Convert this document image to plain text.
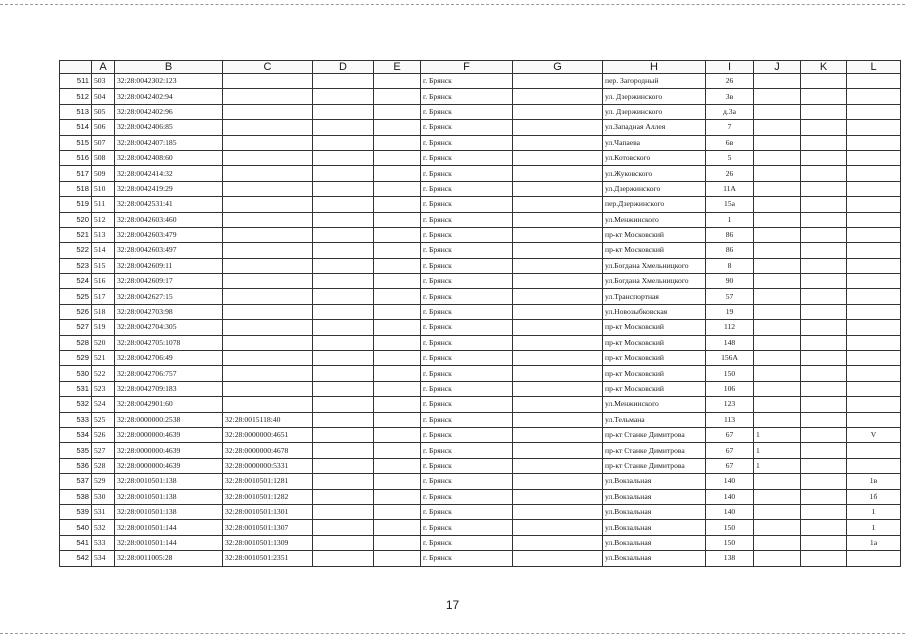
	A	B	C	D	E	F	G	H	I	J	K	L
511	503	32:28:0042302:123				г. Брянск		пер. Загородный	26			
512	504	32:28:0042402:94				г. Брянск		ул. Дзержинского	3в			
513	505	32:28:0042402:96				г. Брянск		ул. Дзержинского	д.3а			
514	506	32:28:0042406:85				г. Брянск		ул.Западная Аллея	7			
515	507	32:28:0042407:185				г. Брянск		ул.Чапаева	6в			
516	508	32:28:0042408:60				г. Брянск		ул.Котовского	5			
517	509	32:28:0042414:32				г. Брянск		ул.Жуковского	26			
518	510	32:28:0042419:29				г. Брянск		ул.Дзержинского	11А			
519	511	32:28:0042531:41				г. Брянск		пер.Дзержинского	15а			
520	512	32:28:0042603:460				г. Брянск		ул.Менжинского	1			
521	513	32:28:0042603:479				г. Брянск		пр-кт Московский	86			
522	514	32:28:0042603:497				г. Брянск		пр-кт Московский	86			
523	515	32:28:0042609:11				г. Брянск		ул.Богдана Хмельницкого	8			
524	516	32:28:0042609:17				г. Брянск		ул.Богдана Хмельницкого	90			
525	517	32:28:0042627:15				г. Брянск		ул.Транспортная	57			
526	518	32:28:0042703:98				г. Брянск		ул.Новозыбковская	19			
527	519	32:28:0042704:305				г. Брянск		пр-кт Московский	112			
528	520	32:28:0042705:1078				г. Брянск		пр-кт Московский	148			
529	521	32:28:0042706:49				г. Брянск		пр-кт Московский	156А			
530	522	32:28:0042706:757				г. Брянск		пр-кт Московский	150			
531	523	32:28:0042709:183				г. Брянск		пр-кт Московский	106			
532	524	32:28:0042901:60				г. Брянск		ул.Менжинского	123			
533	525	32:28:0000000:2538	32:28:0015118:40			г. Брянск		ул.Тельмана	113			
534	526	32:28:0000000:4639	32:28:0000000:4651			г. Брянск		пр-кт Станке Димитрова	67	1		V
535	527	32:28:0000000:4639	32:28:0000000:4678			г. Брянск		пр-кт Станке Димитрова	67	1		
536	528	32:28:0000000:4639	32:28:0000000:5331			г. Брянск		пр-кт Станке Димитрова	67	1		
537	529	32:28:0010501:138	32:28:0010501:1281			г. Брянск		ул.Вокзальная	140			1в
538	530	32:28:0010501:138	32:28:0010501:1282			г. Брянск		ул.Вокзальная	140			1б
539	531	32:28:0010501:138	32:28:0010501:1301			г. Брянск		ул.Вокзальная	140			1
540	532	32:28:0010501:144	32:28:0010501:1307			г. Брянск		ул.Вокзальная	150			1
541	533	32:28:0010501:144	32:28:0010501:1309			г. Брянск		ул.Вокзальная	150			1а
542	534	32:28:0011005:28	32:28:0010501:2351			г. Брянск		ул.Вокзальная	138			
17
